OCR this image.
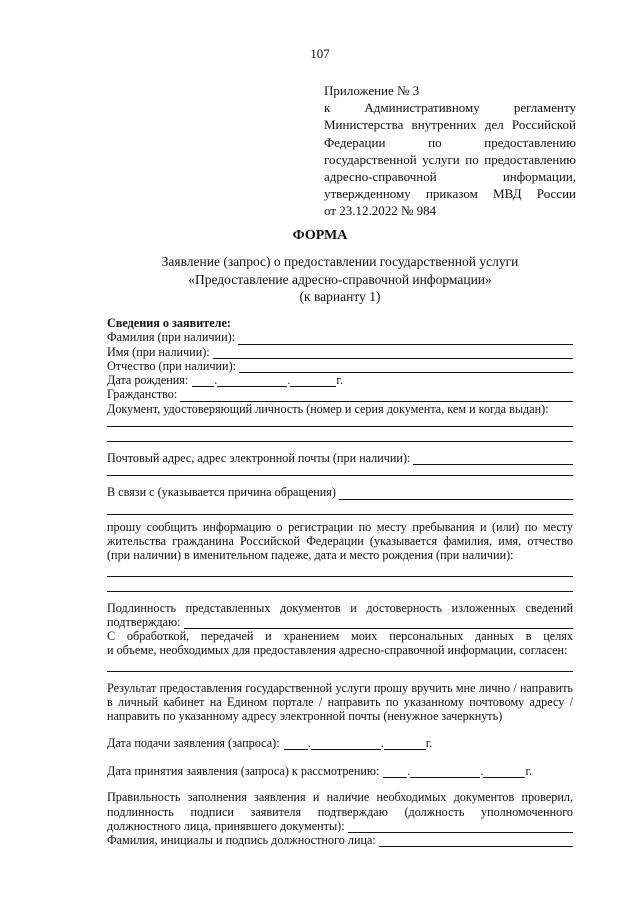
107
Приложение № 3
к Административному регламенту
Министерства внутренних дел Российской
Федерации по предоставлению
государственной услуги по предоставлению
адресно-справочной информации,
утвержденному приказом МВД России
от 23.12.2022 № 984
ФОРМА
Заявление (запрос) о предоставлении государственной услуги
«Предоставление адресно-справочной информации»
(к варианту 1)
Сведения о заявителе:
Фамилия (при наличии):
Имя (при наличии):
Отчество (при наличии):
Дата рождения: .	.	г.
Гражданство:
Документ, удостоверяющий личность (номер и серия документа, кем и когда выдан):
Почтовый адрес, адрес электронной почты (при наличии):
В связи с (указывается причина обращения)
прошу сообщить информацию о регистрации по месту пребывания и (или) по месту
жительства гражданина Российской Федерации (указывается фамилия, имя, отчество
(при наличии) в именительном падеже, дата и место рождения (при наличии):
Подлинность представленных документов и достоверность изложенных сведений
подтверждаю:
С обработкой, передачей и хранением моих персональных данных в целях
и объеме, необходимых для предоставления адресно-справочной информации, согласен:
Результат предоставления государственной услуги прошу вручить мне лично / направить
в личный кабинет на Едином портале / направить по указанному почтовому адресу /
направить по указанному адресу электронной почты (ненужное зачеркнуть)
Дата подачи заявления (запроса): .	.	г.
Дата принятия заявления (запроса) к рассмотрению: .	.	г.
Правильность заполнения заявления и наличие необходимых документов проверил,
подлинность подписи заявителя подтверждаю (должность уполномоченного
должностного лица, принявшего документы):
Фамилия, инициалы и подпись должностного лица:
